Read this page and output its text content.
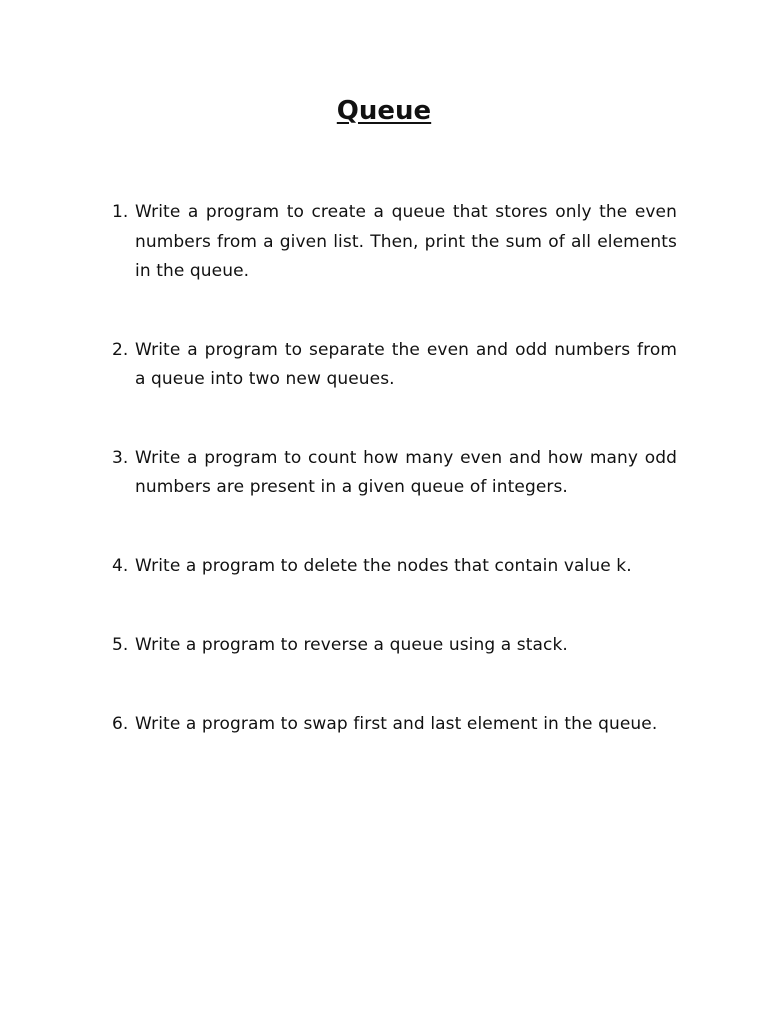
Queue
1. Write a program to create a queue that stores only the even numbers from a given list. Then, print the sum of all elements in the queue.
2. Write a program to separate the even and odd numbers from a queue into two new queues.
3. Write a program to count how many even and how many odd numbers are present in a given queue of integers.
4. Write a program to delete the nodes that contain value k.
5. Write a program to reverse a queue using a stack.
6. Write a program to swap first and last element in the queue.
